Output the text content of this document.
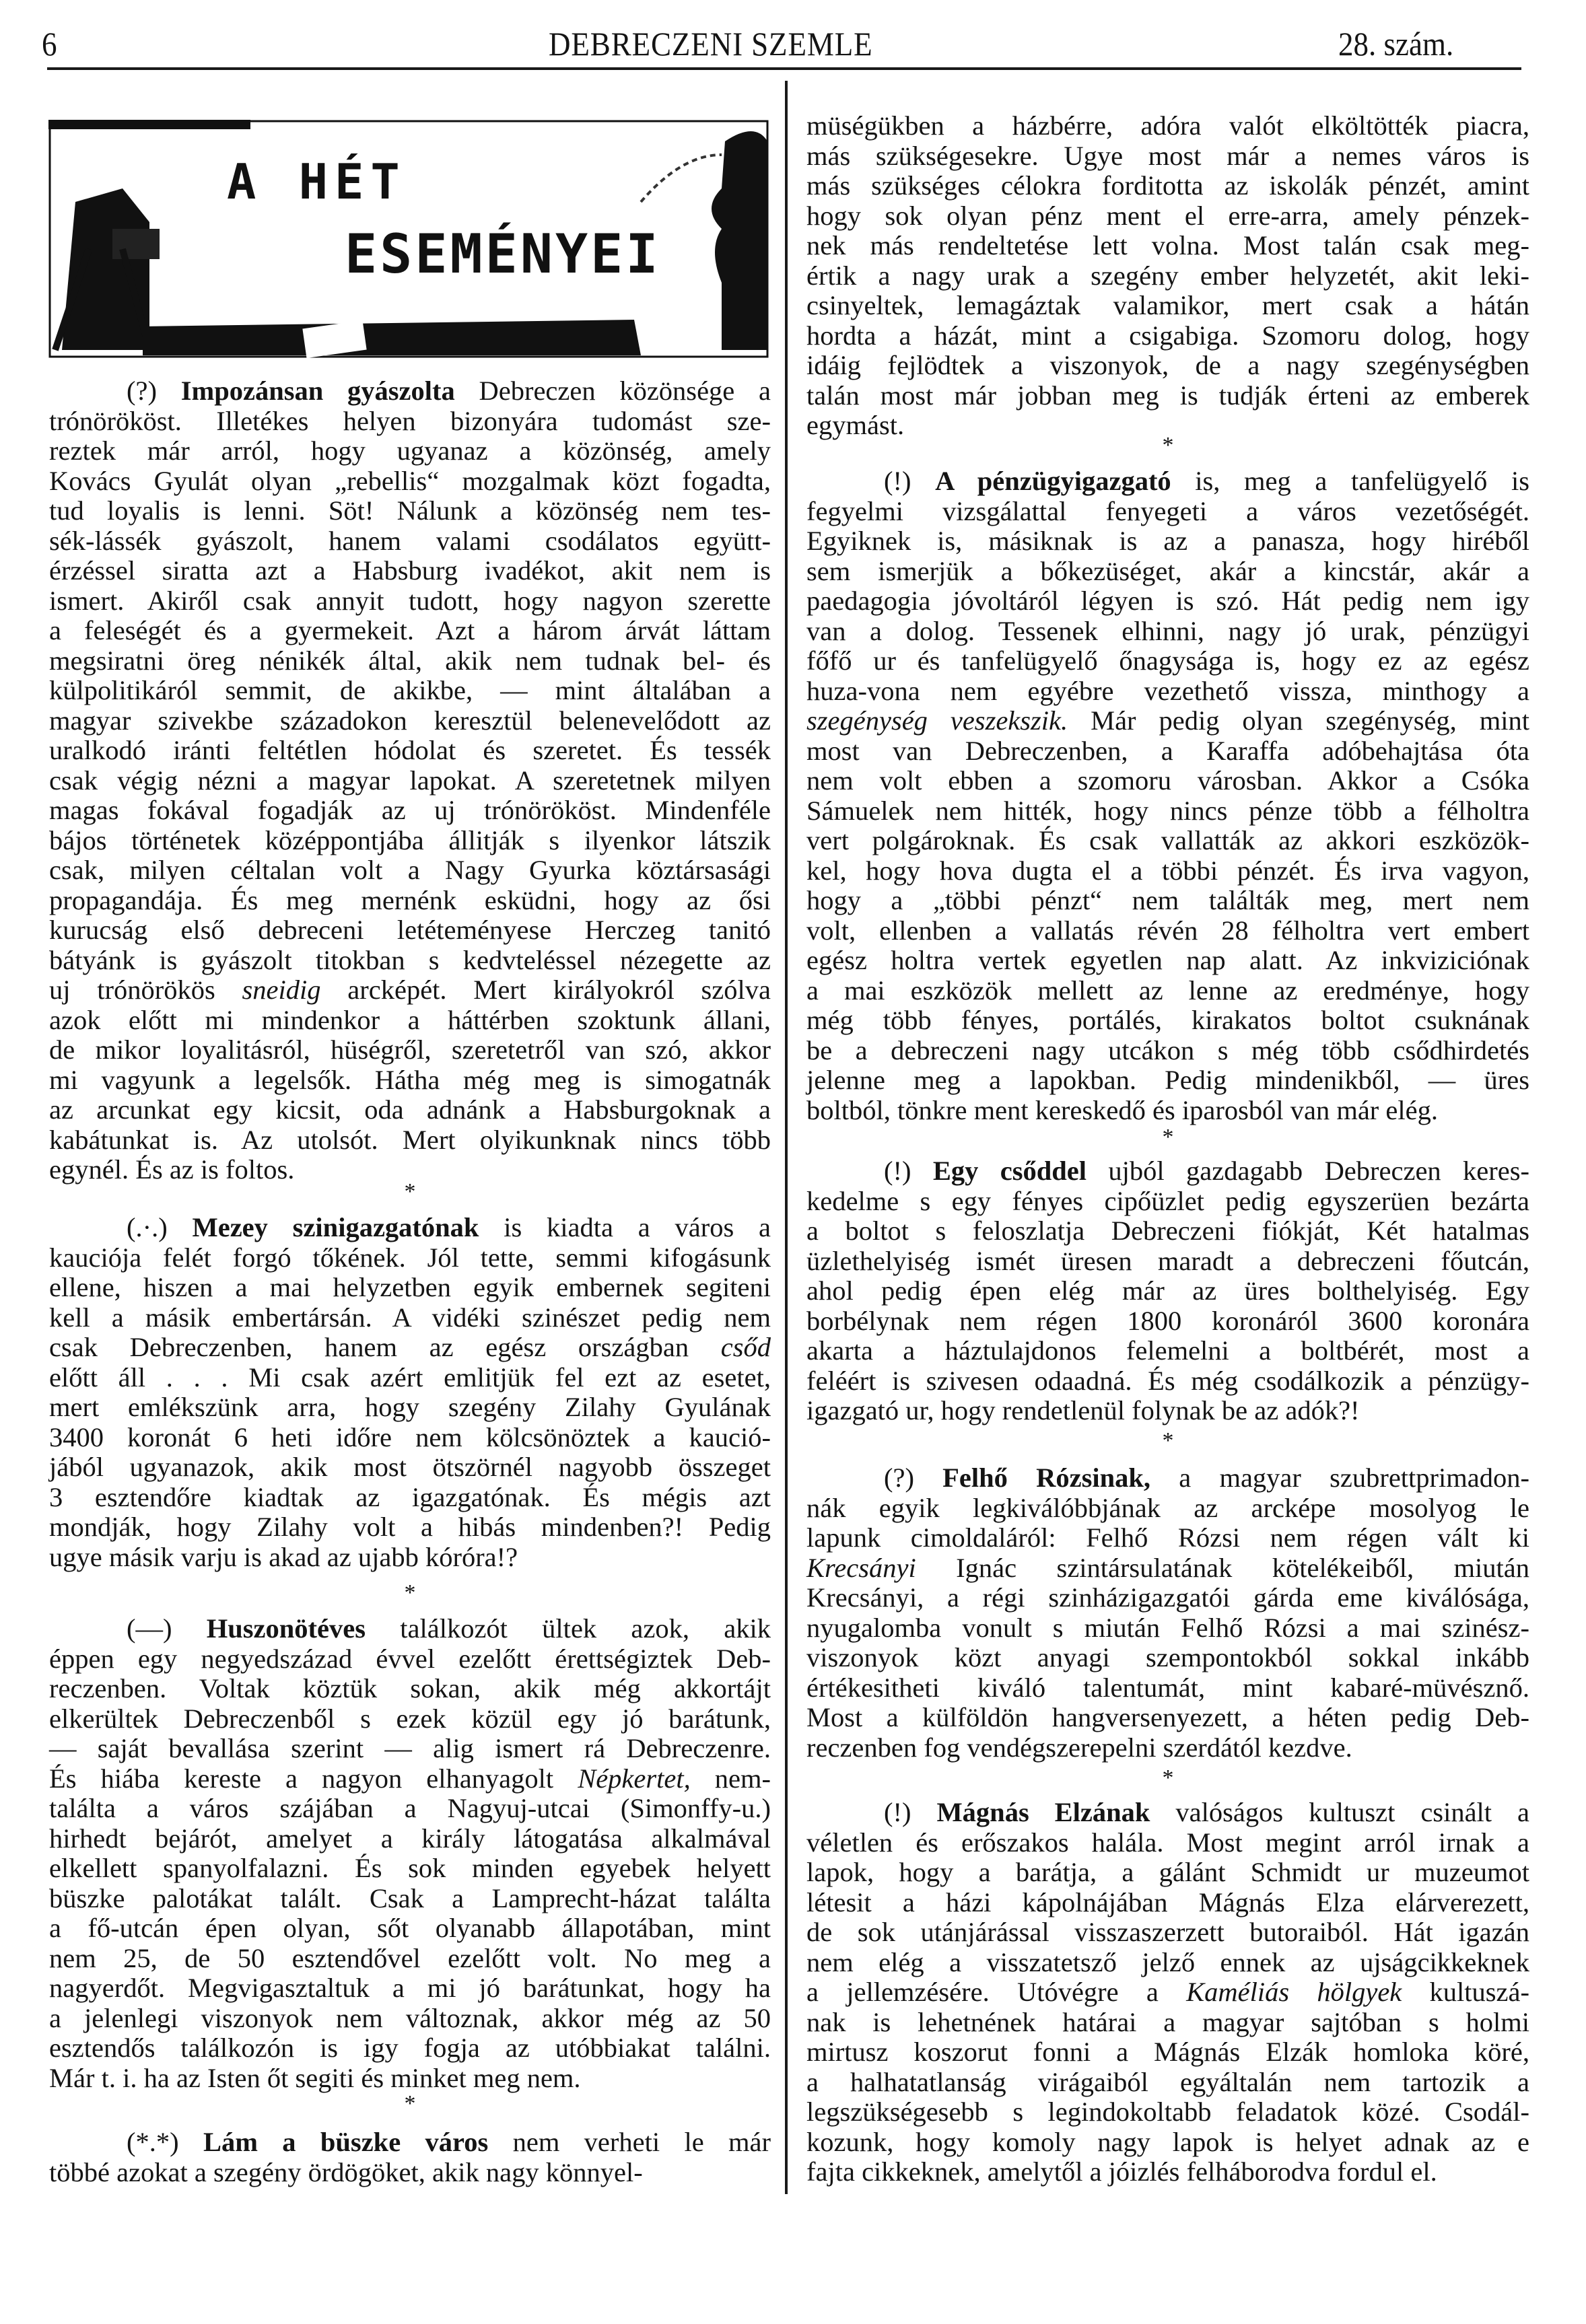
6	DEBRECZENI SZEMLE	28. szám.
A HÉT
ESEMÉNYEI
TÓTH
1912
(?) Impozánsan gyászolta Debreczen közönsége a
trónörököst. Illetékes helyen bizonyára tudomást sze-
reztek már arról, hogy ugyanaz a közönség, amely
Kovács Gyulát olyan „rebellis“ mozgalmak közt fogadta,
tud loyalis is lenni. Söt! Nálunk a közönség nem tes-
sék-lássék gyászolt, hanem valami csodálatos együtt-
érzéssel siratta azt a Habsburg ivadékot, akit nem is
ismert. Akiről csak annyit tudott, hogy nagyon szerette
a feleségét és a gyermekeit. Azt a három árvát láttam
megsiratni öreg nénikék által, akik nem tudnak bel- és
külpolitikáról semmit, de akikbe, — mint általában a
magyar szivekbe századokon keresztül belenevelődott az
uralkodó iránti feltétlen hódolat és szeretet. És tessék
csak végig nézni a magyar lapokat. A szeretetnek milyen
magas fokával fogadják az uj trónörököst. Mindenféle
bájos történetek középpontjába állitják s ilyenkor látszik
csak, milyen céltalan volt a Nagy Gyurka köztársasági
propagandája. És meg mernénk esküdni, hogy az ősi
kurucság első debreceni letéteményese Herczeg tanitó
bátyánk is gyászolt titokban s kedvteléssel nézegette az
uj trónörökös sneidig arcképét. Mert királyokról szólva
azok előtt mi mindenkor a háttérben szoktunk állani,
de mikor loyalitásról, hüségről, szeretetről van szó, akkor
mi vagyunk a legelsők. Hátha még meg is simogatnák
az arcunkat egy kicsit, oda adnánk a Habsburgoknak a
kabátunkat is. Az utolsót. Mert olyikunknak nincs több
egynél. És az is foltos.
(.·.) Mezey szinigazgatónak is kiadta a város a
kauciója felét forgó tőkének. Jól tette, semmi kifogásunk
ellene, hiszen a mai helyzetben egyik embernek segiteni
kell a másik embertársán. A vidéki szinészet pedig nem
csak Debreczenben, hanem az egész országban csőd
előtt áll . . . Mi csak azért emlitjük fel ezt az esetet,
mert emlékszünk arra, hogy szegény Zilahy Gyulának
3400 koronát 6 heti időre nem kölcsönöztek a kaució-
jából ugyanazok, akik most ötszörnél nagyobb összeget
3 esztendőre kiadtak az igazgatónak. És mégis azt
mondják, hogy Zilahy volt a hibás mindenben?! Pedig
ugye másik varju is akad az ujabb kóróra!?
(—) Huszonötéves találkozót ültek azok, akik
éppen egy negyedszázad évvel ezelőtt érettségiztek Deb-
reczenben. Voltak köztük sokan, akik még akkortájt
elkerültek Debreczenből s ezek közül egy jó barátunk,
— saját bevallása szerint — alig ismert rá Debreczenre.
És hiába kereste a nagyon elhanyagolt Népkertet, nem-
találta a város szájában a Nagyuj-utcai (Simonffy-u.)
hirhedt bejárót, amelyet a király látogatása alkalmával
elkellett spanyolfalazni. És sok minden egyebek helyett
büszke palotákat talált. Csak a Lamprecht-házat találta
a fő-utcán épen olyan, sőt olyanabb állapotában, mint
nem 25, de 50 esztendővel ezelőtt volt. No meg a
nagyerdőt. Megvigasztaltuk a mi jó barátunkat, hogy ha
a jelenlegi viszonyok nem változnak, akkor még az 50
esztendős találkozón is igy fogja az utóbbiakat találni.
Már t. i. ha az Isten őt segiti és minket meg nem.
(*.*) Lám a büszke város nem verheti le már
többé azokat a szegény ördögöket, akik nagy könnyel-
*
*
*
müségükben a házbérre, adóra valót elköltötték piacra,
más szükségesekre. Ugye most már a nemes város is
más szükséges célokra forditotta az iskolák pénzét, amint
hogy sok olyan pénz ment el erre-arra, amely pénzek-
nek más rendeltetése lett volna. Most talán csak meg-
értik a nagy urak a szegény ember helyzetét, akit leki-
csinyeltek, lemagáztak valamikor, mert csak a hátán
hordta a házát, mint a csigabiga. Szomoru dolog, hogy
idáig fejlödtek a viszonyok, de a nagy szegénységben
talán most már jobban meg is tudják érteni az emberek
egymást.
(!) A pénzügyigazgató is, meg a tanfelügyelő is
fegyelmi vizsgálattal fenyegeti a város vezetőségét.
Egyiknek is, másiknak is az a panasza, hogy hiréből
sem ismerjük a bőkezüséget, akár a kincstár, akár a
paedagogia jóvoltáról légyen is szó. Hát pedig nem igy
van a dolog. Tessenek elhinni, nagy jó urak, pénzügyi
főfő ur és tanfelügyelő őnagysága is, hogy ez az egész
huza-vona nem egyébre vezethető vissza, minthogy a
szegénység veszekszik. Már pedig olyan szegénység, mint
most van Debreczenben, a Karaffa adóbehajtása óta
nem volt ebben a szomoru városban. Akkor a Csóka
Sámuelek nem hitték, hogy nincs pénze több a félholtra
vert polgároknak. És csak vallatták az akkori eszközök-
kel, hogy hova dugta el a többi pénzét. És irva vagyon,
hogy a „többi pénzt“ nem találták meg, mert nem
volt, ellenben a vallatás révén 28 félholtra vert embert
egész holtra vertek egyetlen nap alatt. Az inkviziciónak
a mai eszközök mellett az lenne az eredménye, hogy
még több fényes, portálés, kirakatos boltot csuknának
be a debreczeni nagy utcákon s még több csődhirdetés
jelenne meg a lapokban. Pedig mindenikből, — üres
boltból, tönkre ment kereskedő és iparosból van már elég.
(!) Egy csőddel ujból gazdagabb Debreczen keres-
kedelme s egy fényes cipőüzlet pedig egyszerüen bezárta
a boltot s feloszlatja Debreczeni fiókját, Két hatalmas
üzlethelyiség ismét üresen maradt a debreczeni főutcán,
ahol pedig épen elég már az üres bolthelyiség. Egy
borbélynak nem régen 1800 koronáról 3600 koronára
akarta a háztulajdonos felemelni a boltbérét, most a
feléért is szivesen odaadná. És még csodálkozik a pénzügy-
igazgató ur, hogy rendetlenül folynak be az adók?!
(?) Felhő Rózsinak, a magyar szubrettprimadon-
nák egyik legkiválóbbjának az arcképe mosolyog le
lapunk cimoldaláról: Felhő Rózsi nem régen vált ki
Krecsányi Ignác szintársulatának kötelékeiből, miután
Krecsányi, a régi szinházigazgatói gárda eme kiválósága,
nyugalomba vonult s miután Felhő Rózsi a mai szinész-
viszonyok közt anyagi szempontokból sokkal inkább
értékesitheti kiváló talentumát, mint kabaré-müvésznő.
Most a külföldön hangversenyezett, a héten pedig Deb-
reczenben fog vendégszerepelni szerdától kezdve.
(!) Mágnás Elzának valóságos kultuszt csinált a
véletlen és erőszakos halála. Most megint arról irnak a
lapok, hogy a barátja, a gálánt Schmidt ur muzeumot
létesit a házi kápolnájában Mágnás Elza elárverezett,
de sok utánjárással visszaszerzett butoraiból. Hát igazán
nem elég a visszatetsző jelző ennek az ujságcikkeknek
a jellemzésére. Utóvégre a Kaméliás hölgyek kultuszá-
nak is lehetnének határai a magyar sajtóban s holmi
mirtusz koszorut fonni a Mágnás Elzák homloka köré,
a halhatatlanság virágaiból egyáltalán nem tartozik a
legszükségesebb s legindokoltabb feladatok közé. Csodál-
kozunk, hogy komoly nagy lapok is helyet adnak az e
fajta cikkeknek, amelytől a jóizlés felháborodva fordul el.
*
*
*
*
